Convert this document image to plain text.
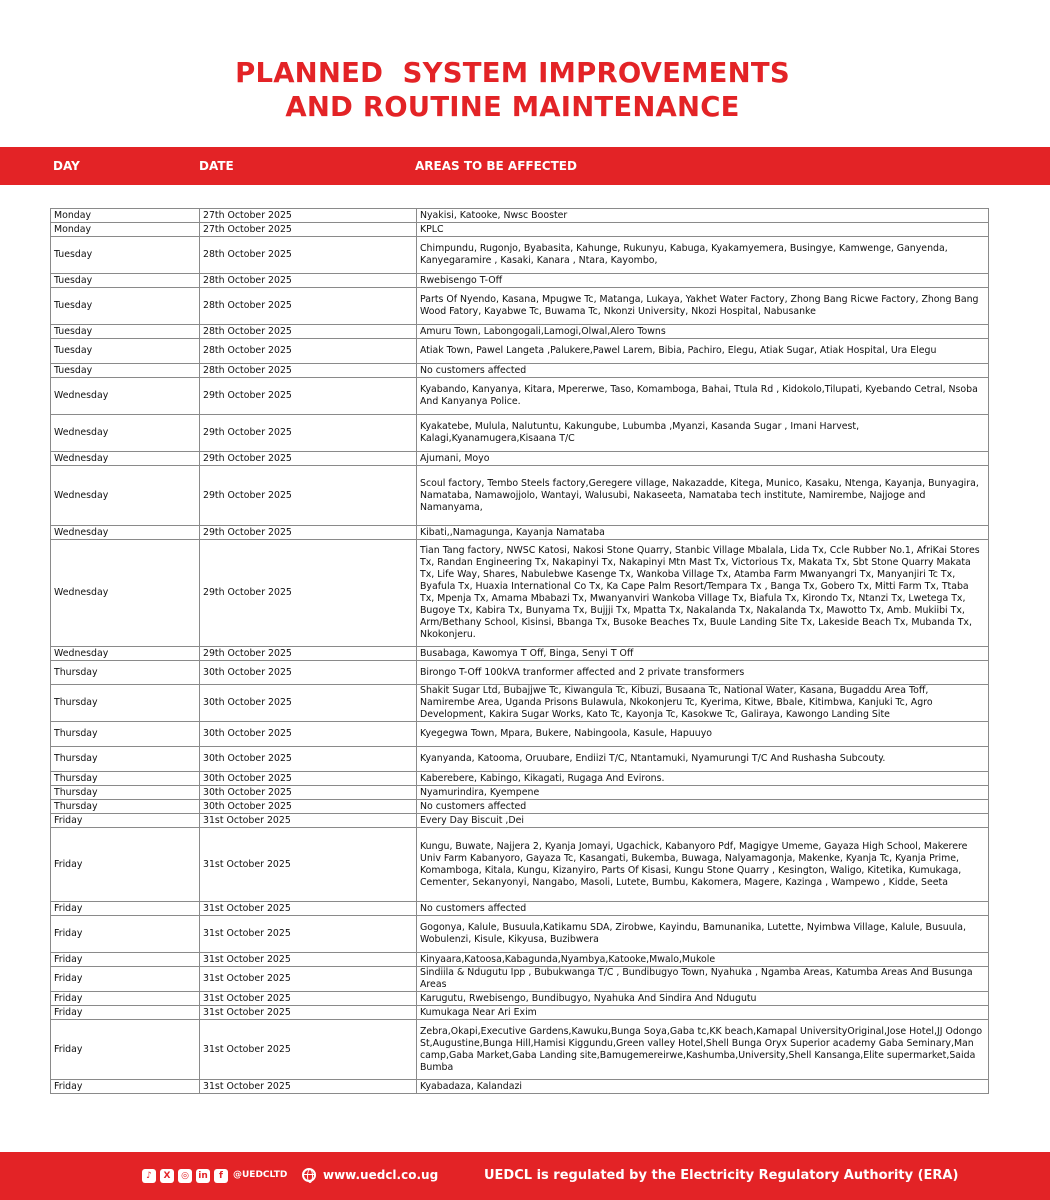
PLANNED  SYSTEM IMPROVEMENTS
AND ROUTINE MAINTENANCE
DAY	DATE	AREAS TO BE AFFECTED
Monday	27th October 2025	Nyakisi, Katooke, Nwsc Booster
Monday	27th October 2025	KPLC
Tuesday	28th October 2025	Chimpundu, Rugonjo, Byabasita, Kahunge, Rukunyu, Kabuga, Kyakamyemera, Busingye, Kamwenge, Ganyenda, Kanyegaramire , Kasaki, Kanara , Ntara, Kayombo,
Tuesday	28th October 2025	Rwebisengo T-Off
Tuesday	28th October 2025	Parts Of Nyendo, Kasana, Mpugwe Tc, Matanga, Lukaya, Yakhet Water Factory, Zhong Bang Ricwe Factory, Zhong Bang Wood Fatory, Kayabwe Tc, Buwama Tc, Nkonzi University, Nkozi Hospital, Nabusanke
Tuesday	28th October 2025	Amuru Town, Labongogali,Lamogi,Olwal,Alero Towns
Tuesday	28th October 2025	Atiak Town, Pawel Langeta ,Palukere,Pawel Larem, Bibia, Pachiro, Elegu, Atiak Sugar, Atiak Hospital, Ura Elegu
Tuesday	28th October 2025	No customers affected
Wednesday	29th October 2025	Kyabando, Kanyanya, Kitara, Mpererwe, Taso, Komamboga, Bahai, Ttula Rd , Kidokolo,Tilupati, Kyebando Cetral, Nsoba And Kanyanya Police.
Wednesday	29th October 2025	Kyakatebe, Mulula, Nalutuntu, Kakungube, Lubumba ,Myanzi, Kasanda Sugar , Imani Harvest, Kalagi,Kyanamugera,Kisaana T/C
Wednesday	29th October 2025	Ajumani, Moyo
Wednesday	29th October 2025	Scoul factory, Tembo Steels factory,Geregere village, Nakazadde, Kitega, Munico, Kasaku, Ntenga, Kayanja, Bunyagira, Namataba, Namawojjolo, Wantayi, Walusubi, Nakaseeta, Namataba tech institute, Namirembe, Najjoge and Namanyama,
Wednesday	29th October 2025	Kibati,,Namagunga, Kayanja Namataba
Wednesday	29th October 2025	Tian Tang factory, NWSC Katosi, Nakosi Stone Quarry, Stanbic Village Mbalala, Lida Tx, Ccle Rubber No.1, AfriKai Stores Tx, Randan Engineering Tx, Nakapinyi Tx, Nakapinyi Mtn Mast Tx, Victorious Tx, Makata Tx, Sbt Stone Quarry Makata Tx, Life Way, Shares, Nabulebwe Kasenge Tx, Wankoba Village Tx, Atamba Farm Mwanyangri Tx, Manyanjiri Tc Tx, Byafula Tx, Huaxia International Co Tx, Ka Cape Palm Resort/Tempara Tx , Banga Tx, Gobero Tx, Mitti Farm Tx, Ttaba Tx, Mpenja Tx, Amama Mbabazi Tx, Mwanyanviri Wankoba Village Tx, Biafula Tx, Kirondo Tx, Ntanzi Tx, Lwetega Tx, Bugoye Tx, Kabira Tx, Bunyama Tx, Bujjji Tx, Mpatta Tx, Nakalanda Tx, Nakalanda Tx, Mawotto Tx, Amb. Mukiibi Tx, Arm/Bethany School, Kisinsi, Bbanga Tx, Busoke Beaches Tx, Buule Landing Site Tx, Lakeside Beach Tx, Mubanda Tx, Nkokonjeru.
Wednesday	29th October 2025	Busabaga, Kawomya T Off, Binga, Senyi T Off
Thursday	30th October 2025	Birongo T-Off 100kVA tranformer affected and 2 private transformers
Thursday	30th October 2025	Shakit Sugar Ltd, Bubajjwe Tc, Kiwangula Tc, Kibuzi, Busaana Tc, National Water, Kasana, Bugaddu Area Toff, Namirembe Area, Uganda Prisons Bulawula, Nkokonjeru Tc, Kyerima, Kitwe, Bbale, Kitimbwa, Kanjuki Tc, Agro Development, Kakira Sugar Works, Kato Tc, Kayonja Tc, Kasokwe Tc, Galiraya, Kawongo Landing Site
Thursday	30th October 2025	Kyegegwa Town, Mpara, Bukere, Nabingoola, Kasule, Hapuuyo
Thursday	30th October 2025	Kyanyanda, Katooma, Oruubare, Endiizi T/C, Ntantamuki, Nyamurungi T/C And Rushasha Subcouty.
Thursday	30th October 2025	Kaberebere, Kabingo, Kikagati, Rugaga And Evirons.
Thursday	30th October 2025	Nyamurindira, Kyempene
Thursday	30th October 2025	No customers affected
Friday	31st October 2025	Every Day Biscuit ,Dei
Friday	31st October 2025	Kungu, Buwate, Najjera 2, Kyanja Jomayi, Ugachick, Kabanyoro Pdf, Magigye Umeme, Gayaza High School, Makerere Univ Farm Kabanyoro, Gayaza Tc, Kasangati, Bukemba, Buwaga, Nalyamagonja, Makenke, Kyanja Tc, Kyanja Prime, Komamboga, Kitala, Kungu, Kizanyiro, Parts Of Kisasi, Kungu Stone Quarry , Kesington, Waligo, Kitetika, Kumukaga, Cementer, Sekanyonyi, Nangabo, Masoli, Lutete, Bumbu, Kakomera, Magere, Kazinga , Wampewo , Kidde, Seeta
Friday	31st October 2025	No customers affected
Friday	31st October 2025	Gogonya, Kalule, Busuula,Katikamu SDA, Zirobwe, Kayindu, Bamunanika, Lutette, Nyimbwa Village, Kalule, Busuula, Wobulenzi, Kisule, Kikyusa, Buzibwera
Friday	31st October 2025	Kinyaara,Katoosa,Kabagunda,Nyambya,Katooke,Mwalo,Mukole
Friday	31st October 2025	Sindiila & Ndugutu Ipp , Bubukwanga T/C , Bundibugyo Town, Nyahuka , Ngamba Areas, Katumba Areas And Busunga Areas
Friday	31st October 2025	Karugutu, Rwebisengo, Bundibugyo, Nyahuka And Sindira And Ndugutu
Friday	31st October 2025	Kumukaga Near Ari Exim
Friday	31st October 2025	Zebra,Okapi,Executive Gardens,Kawuku,Bunga Soya,Gaba tc,KK beach,Kamapal UniversityOriginal,Jose Hotel,JJ Odongo St,Augustine,Bunga Hill,Hamisi Kiggundu,Green valley Hotel,Shell Bunga Oryx Superior academy Gaba Seminary,Man camp,Gaba Market,Gaba Landing site,Bamugemereirwe,Kashumba,University,Shell Kansanga,Elite supermarket,Saida Bumba
Friday	31st October 2025	Kyabadaza, Kalandazi
♪	X	◎	in	f	@UEDCLTD	www.uedcl.co.ug	UEDCL is regulated by the Electricity Regulatory Authority (ERA)
